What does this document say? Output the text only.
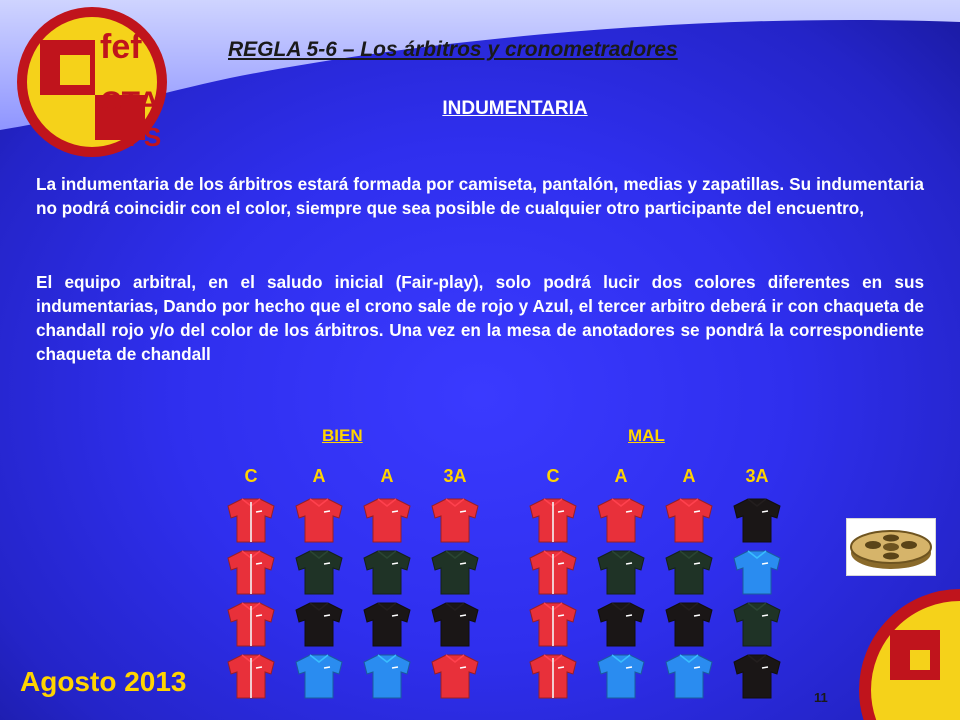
fef
CTA
FS
REGLA 5-6 – Los árbitros y cronometradores
INDUMENTARIA
La indumentaria de los árbitros estará formada por camiseta, pantalón, medias y zapatillas. Su indumentaria no podrá coincidir con el color, siempre que sea posible de cualquier otro participante del encuentro,
El equipo arbitral, en el saludo inicial (Fair-play), solo podrá lucir dos colores diferentes en sus indumentarias, Dando por hecho que el crono sale de rojo y Azul, el tercer arbitro deberá ir con chaqueta de chandall rojo y/o del color de los árbitros. Una vez en la mesa de anotadores se pondrá la correspondiente chaqueta de chandall
BIEN	MAL
Agosto 2013
11
C	A	A	3A	C	A	A	3A
